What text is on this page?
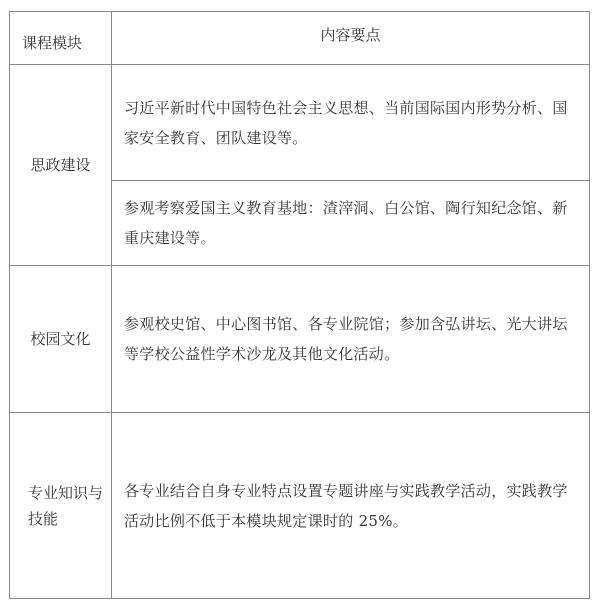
课程模块	内容要点
思政建设	习近平新时代中国特色社会主义思想、当前国际国内形势分析、国家安全教育、团队建设等。
	参观考察爱国主义教育基地：渣滓洞、白公馆、陶行知纪念馆、新重庆建设等。
校园文化	参观校史馆、中心图书馆、各专业院馆；参加含弘讲坛、光大讲坛等学校公益性学术沙龙及其他文化活动。
专业知识与技能	各专业结合自身专业特点设置专题讲座与实践教学活动，实践教学活动比例不低于本模块规定课时的 25%。
